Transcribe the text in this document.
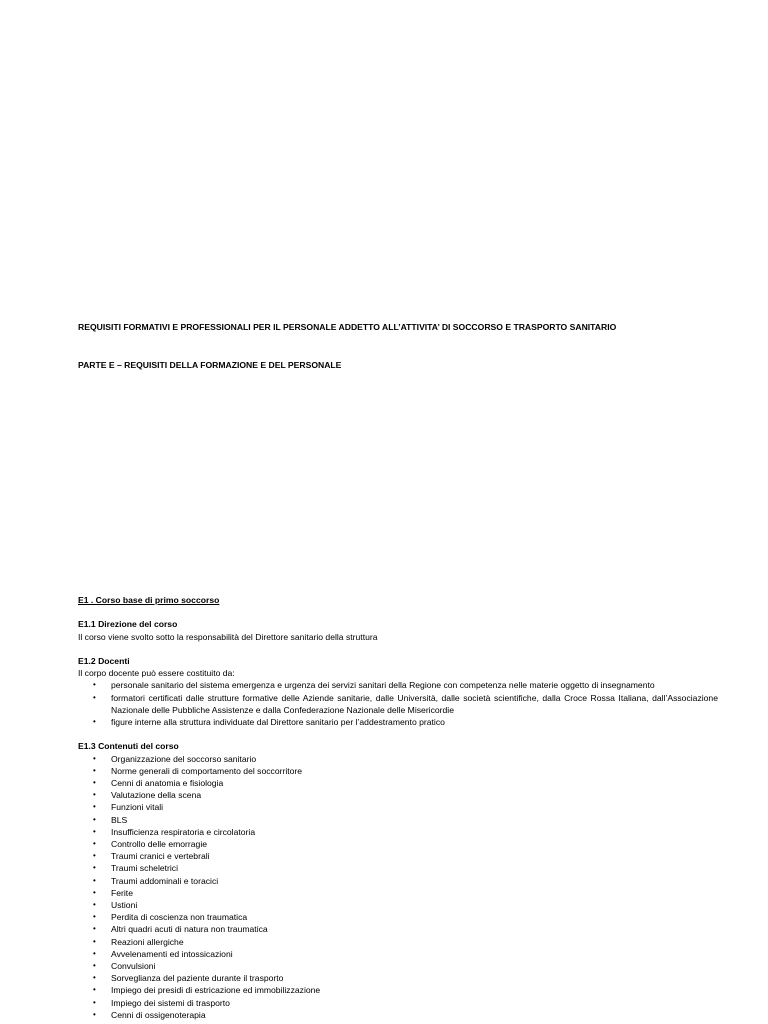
REQUISITI FORMATIVI E PROFESSIONALI PER IL PERSONALE ADDETTO ALL’ATTIVITA’ DI SOCCORSO E TRASPORTO SANITARIO
PARTE E – REQUISITI DELLA FORMAZIONE E DEL PERSONALE

E1 . Corso base di primo soccorso

E1.1 Direzione del corso

Il corso viene svolto sotto la responsabilità del Direttore sanitario della struttura

E1.2 Docenti

Il corpo docente può essere costituito da:

• personale sanitario del sistema emergenza e urgenza dei servizi sanitari della Regione con competenza nelle materie oggetto di insegnamento
• formatori certificati dalle strutture formative delle Aziende sanitarie, dalle Università, dalle società scientifiche, dalla Croce Rossa Italiana, dall’Associazione Nazionale delle Pubbliche Assistenze e dalla Confederazione Nazionale delle Misericordie
• figure interne alla struttura individuate dal Direttore sanitario per l’addestramento pratico

E1.3 Contenuti del corso

• Organizzazione del soccorso sanitario
• Norme generali di comportamento del soccorritore
• Cenni di anatomia e fisiologia
• Valutazione della scena
• Funzioni vitali
• BLS
• Insufficienza respiratoria e circolatoria
• Controllo delle emorragie
• Traumi cranici e vertebrali
• Traumi scheletrici
• Traumi addominali e toracici
• Ferite
• Ustioni
• Perdita di coscienza non traumatica
• Altri quadri acuti di natura non traumatica
• Reazioni allergiche
• Avvelenamenti ed intossicazioni
• Convulsioni
• Sorveglianza del paziente durante il trasporto
• Impiego dei presidi di estricazione ed immobilizzazione
• Impiego dei sistemi di trasporto
• Cenni di ossigenoterapia
